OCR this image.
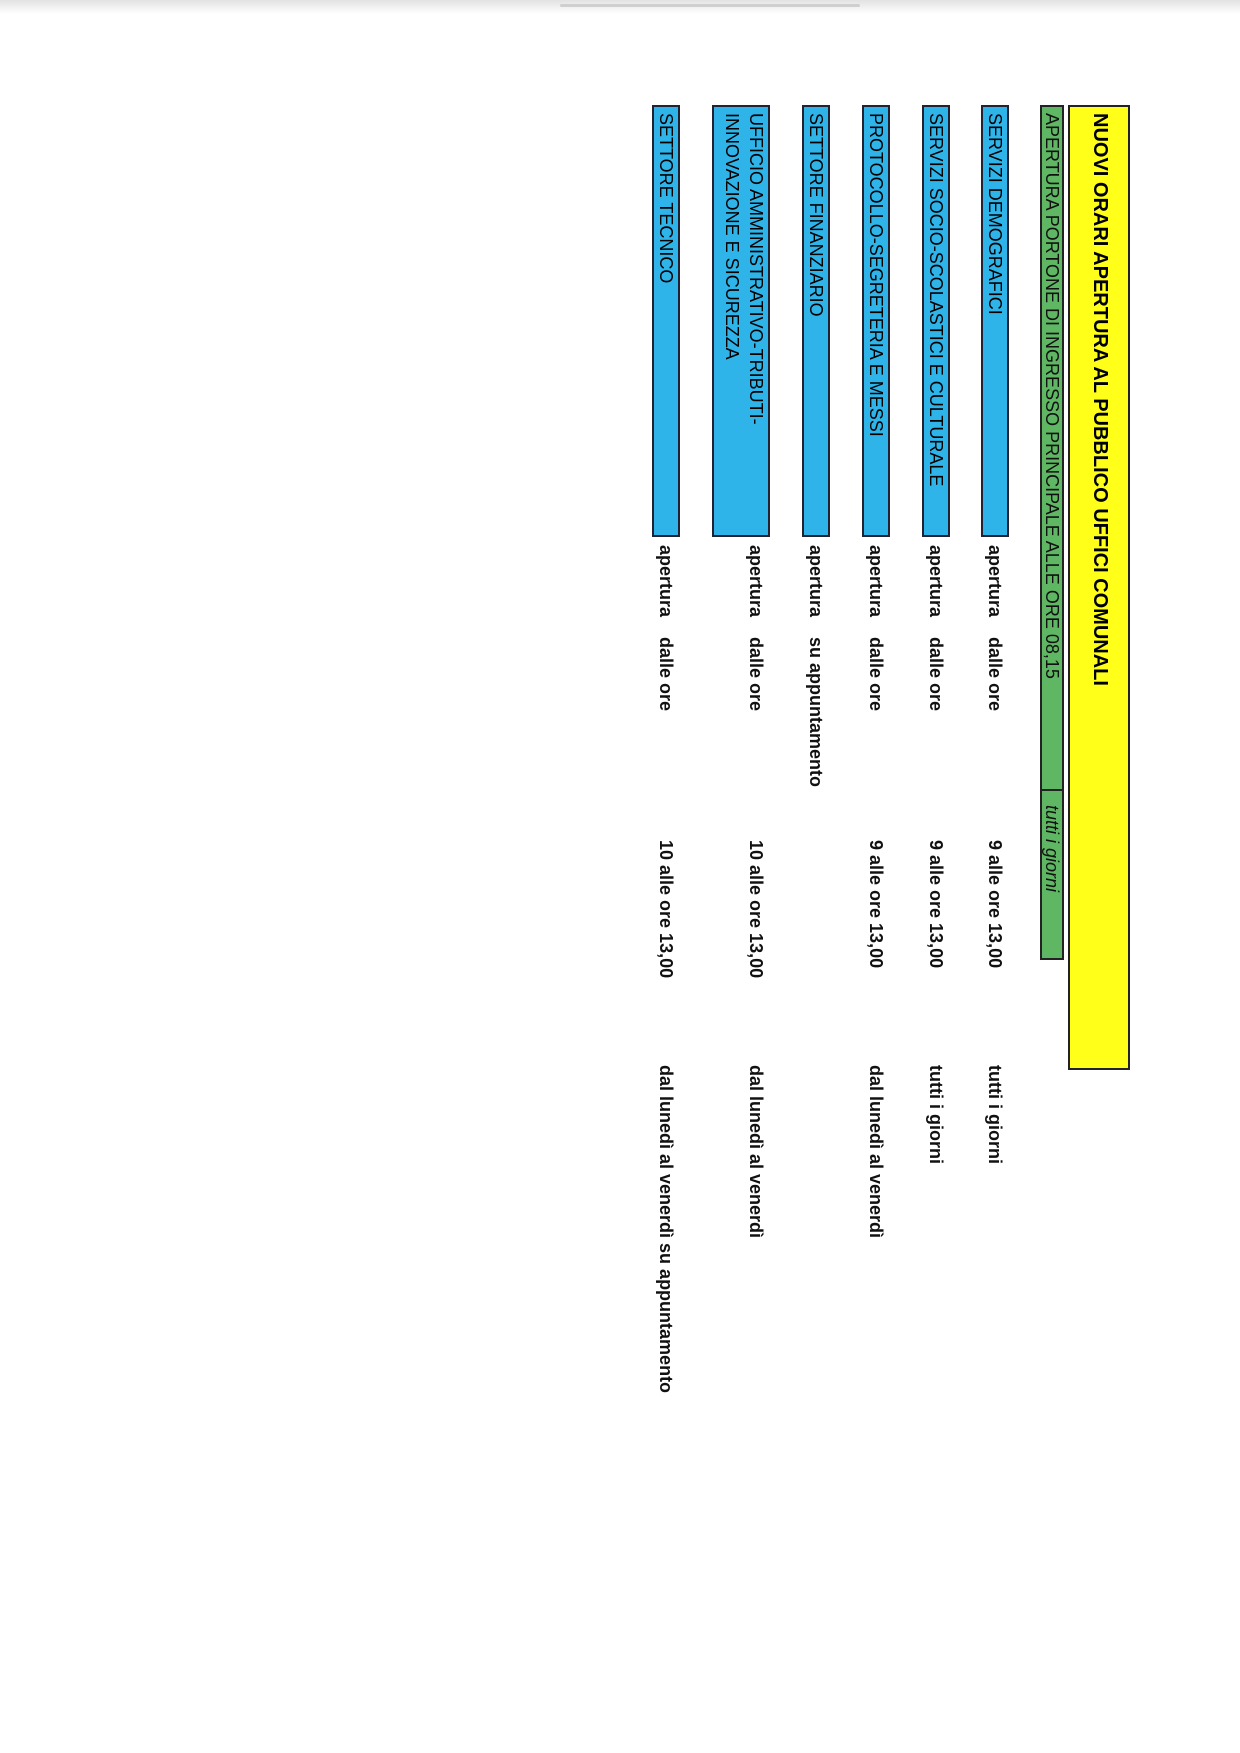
NUOVI ORARI APERTURA AL PUBBLICO UFFICI COMUNALI
APERTURA PORTONE DI INGRESSO PRINCIPALE ALLE ORE 08,15
tutti i giorni
SERVIZI DEMOGRAFICI
apertura
dalle ore
9 alle ore 13,00
tutti i giorni
SERVIZI SOCIO-SCOLASTICI E CULTURALE
apertura
dalle ore
9 alle ore 13,00
tutti i giorni
PROTOCOLLO-SEGRETERIA E MESSI
apertura
dalle ore
9 alle ore 13,00
dal lunedì al venerdì
SETTORE FINANZIARIO
apertura
su appuntamento
UFFICIO AMMINISTRATIVO-TRIBUTI-
INNOVAZIONE E SICUREZZA
apertura
dalle ore
10 alle ore 13,00
dal lunedì al venerdì
SETTORE TECNICO
apertura
dalle ore
10 alle ore 13,00
dal lunedì al venerdì su appuntamento
